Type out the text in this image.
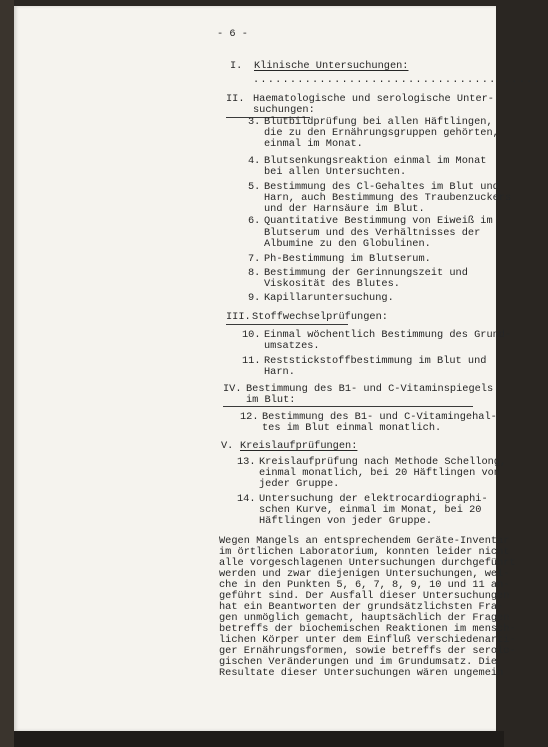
- 6 -
I. Klinische Untersuchungen:
........................................
II. Haematologische und serologische Unter-
suchungen:
3. Blutbildprüfung bei allen Häftlingen,
die zu den Ernährungsgruppen gehörten,
einmal im Monat.
4. Blutsenkungsreaktion einmal im Monat
bei allen Untersuchten.
5. Bestimmung des Cl-Gehaltes im Blut und
Harn, auch Bestimmung des Traubenzuckers
und der Harnsäure im Blut.
6. Quantitative Bestimmung von Eiweiß im
Blutserum und des Verhältnisses der
Albumine zu den Globulinen.
7. Ph-Bestimmung im Blutserum.
8. Bestimmung der Gerinnungszeit und
Viskosität des Blutes.
9. Kapillaruntersuchung.
III. Stoffwechselprüfungen:
10. Einmal wöchentlich Bestimmung des Grund-
umsatzes.
11. Reststickstoffbestimmung im Blut und
Harn.
IV. Bestimmung des B1- und C-Vitaminspiegels
im Blut:
12. Bestimmung des B1- und C-Vitamingehal-
tes im Blut einmal monatlich.
V. Kreislaufprüfungen:
13. Kreislaufprüfung nach Methode Schellong,
einmal monatlich, bei 20 Häftlingen von
jeder Gruppe.
14. Untersuchung der elektrocardiographi-
schen Kurve, einmal im Monat, bei 20
Häftlingen von jeder Gruppe.
Wegen Mangels an entsprechendem Geräte-Inventar
im örtlichen Laboratorium, konnten leider nicht
alle vorgeschlagenen Untersuchungen durchgeführt
werden und zwar diejenigen Untersuchungen, wel-
che in den Punkten 5, 6, 7, 8, 9, 10 und 11 an-
geführt sind. Der Ausfall dieser Untersuchungen
hat ein Beantworten der grundsätzlichsten Fra-
gen unmöglich gemacht, hauptsächlich der Fragen
betreffs der biochemischen Reaktionen im mensch-
lichen Körper unter dem Einfluß verschiedenarti-
ger Ernährungsformen, sowie betreffs der serolo-
gischen Veränderungen und im Grundumsatz. Die
Resultate dieser Untersuchungen wären ungemein
